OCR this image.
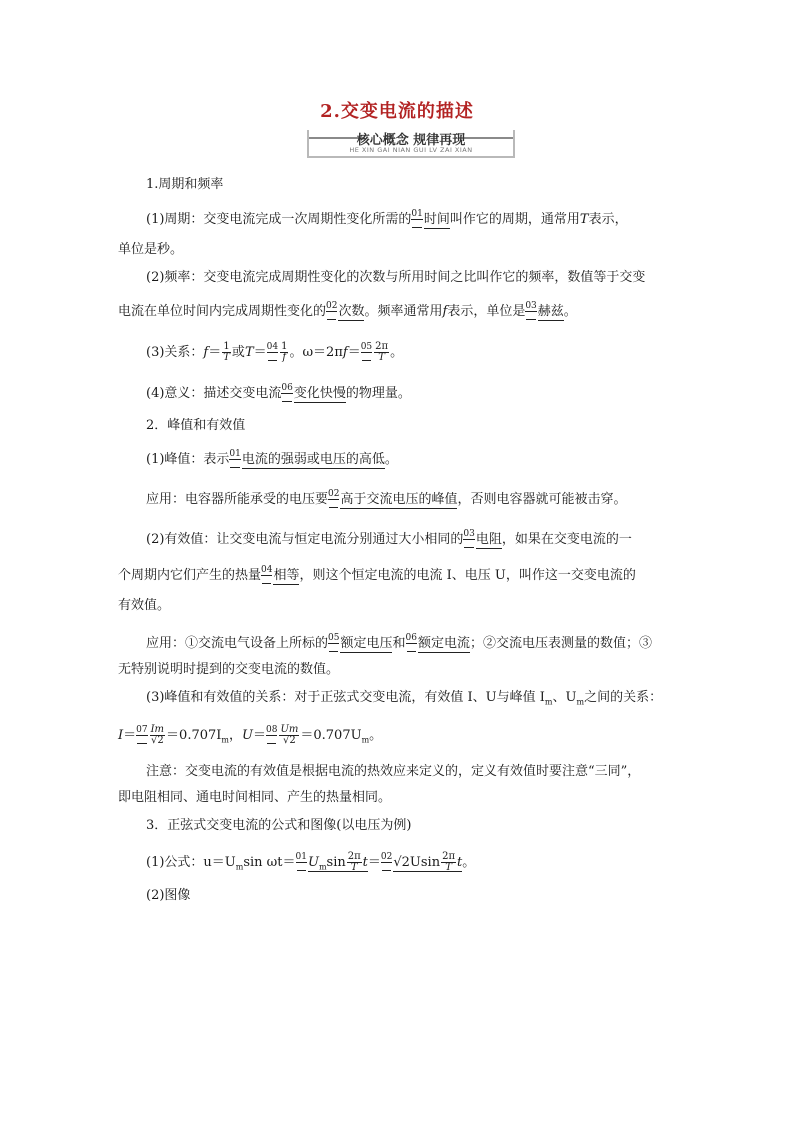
2.交变电流的描述
核心概念 规律再现
HE XIN GAI NIAN GUI LV ZAI XIAN
1.周期和频率
(1)周期：交变电流完成一次周期性变化所需的01时间叫作它的周期，通常用T表示，
单位是秒。
(2)频率：交变电流完成周期性变化的次数与所用时间之比叫作它的频率，数值等于交变
电流在单位时间内完成周期性变化的02次数。频率通常用f表示，单位是03赫兹。
(3)关系：$f= \frac{1}{T}$ 或$T=04 \frac{1}{f}$ 。$\omega=2\pi f=05 \frac{2\pi}{T}$ 。
(4)意义：描述交变电流06变化快慢的物理量。
2．峰值和有效值
(1)峰值：表示01电流的强弱或电压的高低。
应用：电容器所能承受的电压要02高于交流电压的峰值，否则电容器就可能被击穿。
(2)有效值：让交变电流与恒定电流分别通过大小相同的03电阻，如果在交变电流的一
个周期内它们产生的热量04相等，则这个恒定电流的电流 I、电压 U，叫作这一交变电流的
有效值。
应用：①交流电气设备上所标的05额定电压和06额定电流；②交流电压表测量的数值；③
无特别说明时提到的交变电流的数值。
(3)峰值和有效值的关系：对于正弦式交变电流，有效值 I、U与峰值 $I_m$、$U_m$之间的关系：
$I=07 \frac{Im}{√2} =0.707I_m$，$U=08 \frac{Um}{√2} =0.707U_m$。
注意：交变电流的有效值是根据电流的热效应来定义的，定义有效值时要注意“三同”，
即电阻相同、通电时间相同、产生的热量相同。
3．正弦式交变电流的公式和图像(以电压为例)
(1)公式：$u=U_m\sin$ $\omega t=01U_m\sin \frac{2\pi}{T} t=02√2Usin \frac{2\pi}{T}$ t。
(2)图像
